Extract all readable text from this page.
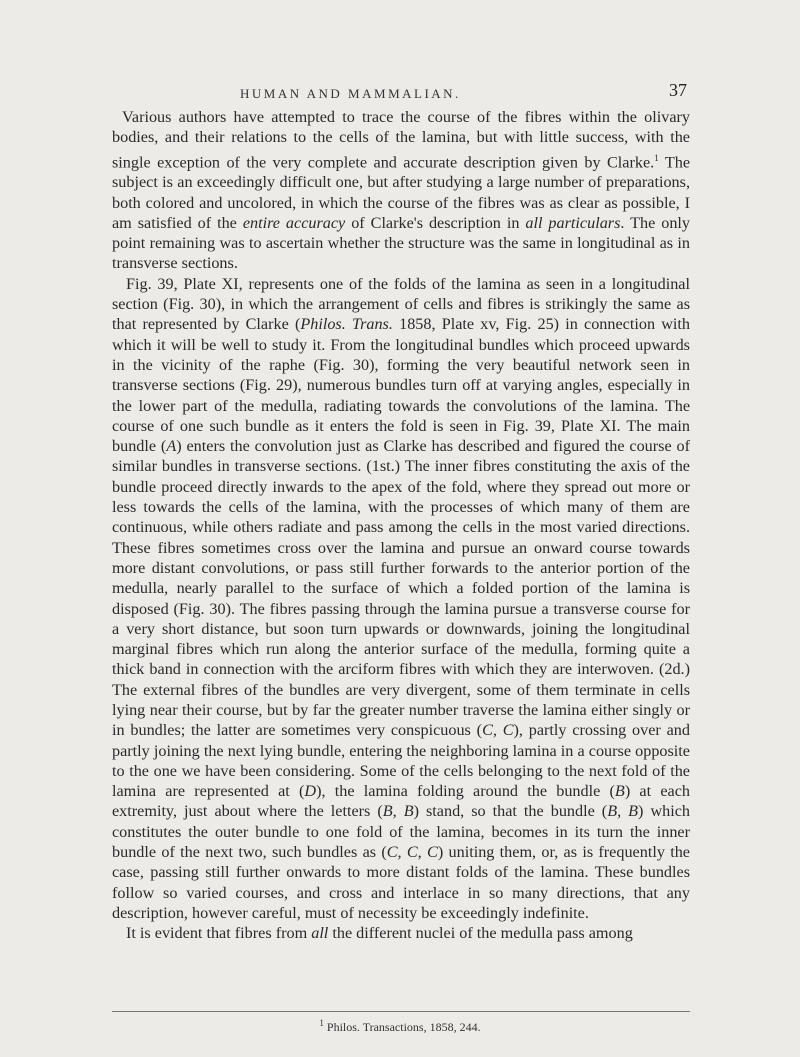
HUMAN AND MAMMALIAN.	37

Various authors have attempted to trace the course of the fibres within the olivary bodies, and their relations to the cells of the lamina, but with little success, with the single exception of the very complete and accurate description given by Clarke.$^1$ The subject is an exceedingly difficult one, but after studying a large number of preparations, both colored and uncolored, in which the course of the fibres was as clear as possible, I am satisfied of the entire accuracy of Clarke's description in all particulars. The only point remaining was to ascertain whether the structure was the same in longitudinal as in transverse sections.

Fig. 39, Plate XI, represents one of the folds of the lamina as seen in a longitudinal section (Fig. 30), in which the arrangement of cells and fibres is strikingly the same as that represented by Clarke (Philos. Trans. 1858, Plate xv, Fig. 25) in connection with which it will be well to study it. From the longitudinal bundles which proceed upwards in the vicinity of the raphe (Fig. 30), forming the very beautiful network seen in transverse sections (Fig. 29), numerous bundles turn off at varying angles, especially in the lower part of the medulla, radiating towards the convolutions of the lamina. The course of one such bundle as it enters the fold is seen in Fig. 39, Plate XI. The main bundle (A) enters the convolution just as Clarke has described and figured the course of similar bundles in transverse sections. (1st.) The inner fibres constituting the axis of the bundle proceed directly inwards to the apex of the fold, where they spread out more or less towards the cells of the lamina, with the processes of which many of them are continuous, while others radiate and pass among the cells in the most varied directions. These fibres sometimes cross over the lamina and pursue an onward course towards more distant convolutions, or pass still further forwards to the anterior portion of the medulla, nearly parallel to the surface of which a folded portion of the lamina is disposed (Fig. 30). The fibres passing through the lamina pursue a transverse course for a very short distance, but soon turn upwards or downwards, joining the longitudinal marginal fibres which run along the anterior surface of the medulla, forming quite a thick band in connection with the arciform fibres with which they are interwoven. (2d.) The external fibres of the bundles are very divergent, some of them terminate in cells lying near their course, but by far the greater number traverse the lamina either singly or in bundles; the latter are sometimes very conspicuous (C, C), partly crossing over and partly joining the next lying bundle, entering the neighboring lamina in a course opposite to the one we have been considering. Some of the cells belonging to the next fold of the lamina are represented at (D), the lamina folding around the bundle (B) at each extremity, just about where the letters (B, B) stand, so that the bundle (B, B) which constitutes the outer bundle to one fold of the lamina, becomes in its turn the inner bundle of the next two, such bundles as (C, C, C) uniting them, or, as is frequently the case, passing still further onwards to more distant folds of the lamina. These bundles follow so varied courses, and cross and interlace in so many directions, that any description, however careful, must of necessity be exceedingly indefinite.

It is evident that fibres from all the different nuclei of the medulla pass among

$^1$ Philos. Transactions, 1858, 244.
